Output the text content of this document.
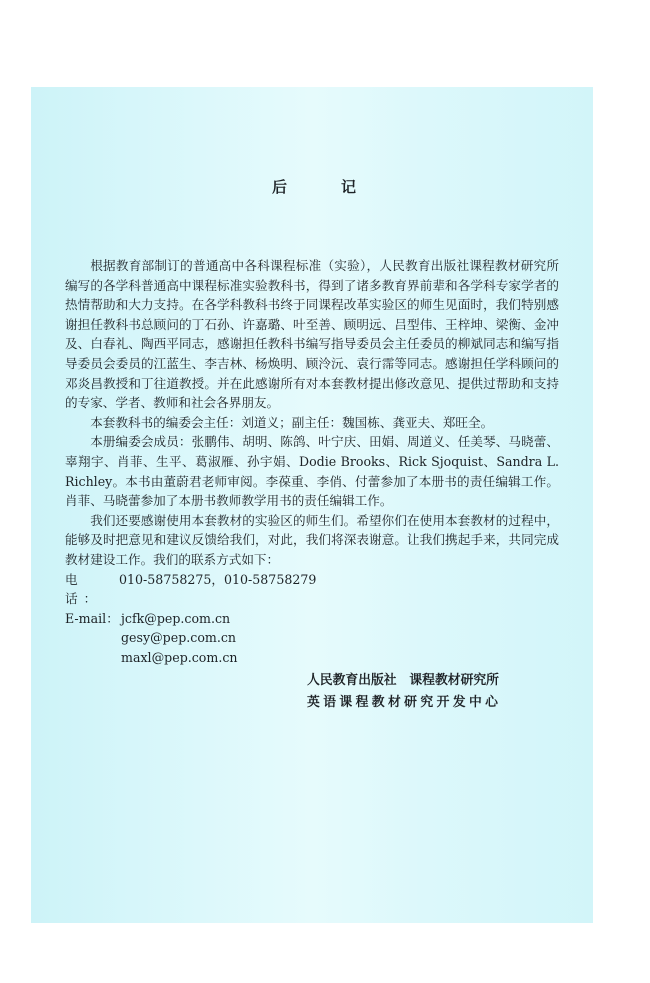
后	记

根据教育部制订的普通高中各科课程标准（实验），人民教育出版社课程教材研究所编写的各学科普通高中课程标准实验教科书，得到了诸多教育界前辈和各学科专家学者的热情帮助和大力支持。在各学科教科书终于同课程改革实验区的师生见面时，我们特别感谢担任教科书总顾问的丁石孙、许嘉璐、叶至善、顾明远、吕型伟、王梓坤、梁衡、金冲及、白春礼、陶西平同志，感谢担任教科书编写指导委员会主任委员的柳斌同志和编写指导委员会委员的江蓝生、李吉林、杨焕明、顾泠沅、袁行霈等同志。感谢担任学科顾问的邓炎昌教授和丁往道教授。并在此感谢所有对本套教材提出修改意见、提供过帮助和支持的专家、学者、教师和社会各界朋友。

本套教科书的编委会主任：刘道义；副主任：魏国栋、龚亚夫、郑旺全。

本册编委会成员：张鹏伟、胡明、陈鸽、叶宁庆、田娟、周道义、任美琴、马晓蕾、辜翔宇、肖菲、生平、葛淑雁、孙宇娟、Dodie Brooks、Rick Sjoquist、Sandra L. Richley。本书由董蔚君老师审阅。李葆重、李俏、付蕾参加了本册书的责任编辑工作。肖菲、马晓蕾参加了本册书教师教学用书的责任编辑工作。

我们还要感谢使用本套教材的实验区的师生们。希望你们在使用本套教材的过程中，能够及时把意见和建议反馈给我们，对此，我们将深表谢意。让我们携起手来，共同完成教材建设工作。我们的联系方式如下：

电话：
010-58758275，010-58758279
E-mail： jcfk@pep.com.cn
gesy@pep.com.cn
maxl@pep.com.cn
人民教育出版社　课程教材研究所
英语课程教材研究开发中心
